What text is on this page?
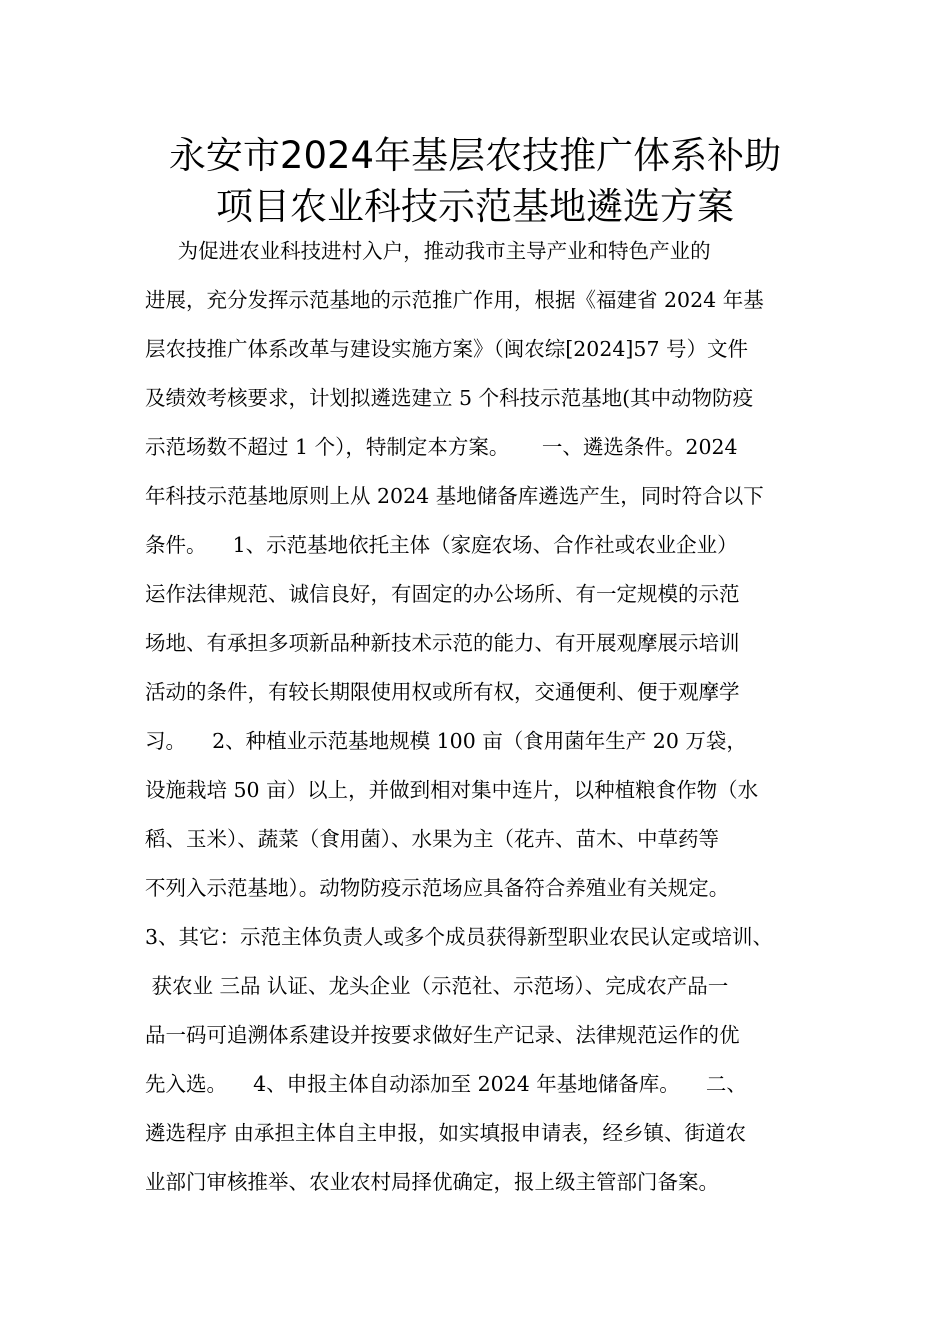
永安市2024年基层农技推广体系补助
项目农业科技示范基地遴选方案
为促进农业科技进村入户，推动我市主导产业和特色产业的
进展，充分发挥示范基地的示范推广作用，根据《福建省 2024 年基
层农技推广体系改革与建设实施方案》（闽农综[2024]57 号）文件
及绩效考核要求，计划拟遴选建立 5 个科技示范基地(其中动物防疫
示范场数不超过 1 个），特制定本方案。     一、遴选条件。2024
年科技示范基地原则上从 2024 基地储备库遴选产生，同时符合以下
条件。    1、示范基地依托主体（家庭农场、合作社或农业企业）
运作法律规范、诚信良好，有固定的办公场所、有一定规模的示范
场地、有承担多项新品种新技术示范的能力、有开展观摩展示培训
活动的条件，有较长期限使用权或所有权，交通便利、便于观摩学
习。    2、种植业示范基地规模 100 亩（食用菌年生产 20 万袋，
设施栽培 50 亩）以上，并做到相对集中连片，以种植粮食作物（水
稻、玉米）、蔬菜（食用菌）、水果为主（花卉、苗木、中草药等
不列入示范基地）。动物防疫示范场应具备符合养殖业有关规定。
3、其它：示范主体负责人或多个成员获得新型职业农民认定或培训、
获农业 三品 认证、龙头企业（示范社、示范场）、完成农产品一
品一码可追溯体系建设并按要求做好生产记录、法律规范运作的优
先入选。    4、申报主体自动添加至 2024 年基地储备库。    二、
遴选程序 由承担主体自主申报，如实填报申请表，经乡镇、街道农
业部门审核推举、农业农村局择优确定，报上级主管部门备案。
